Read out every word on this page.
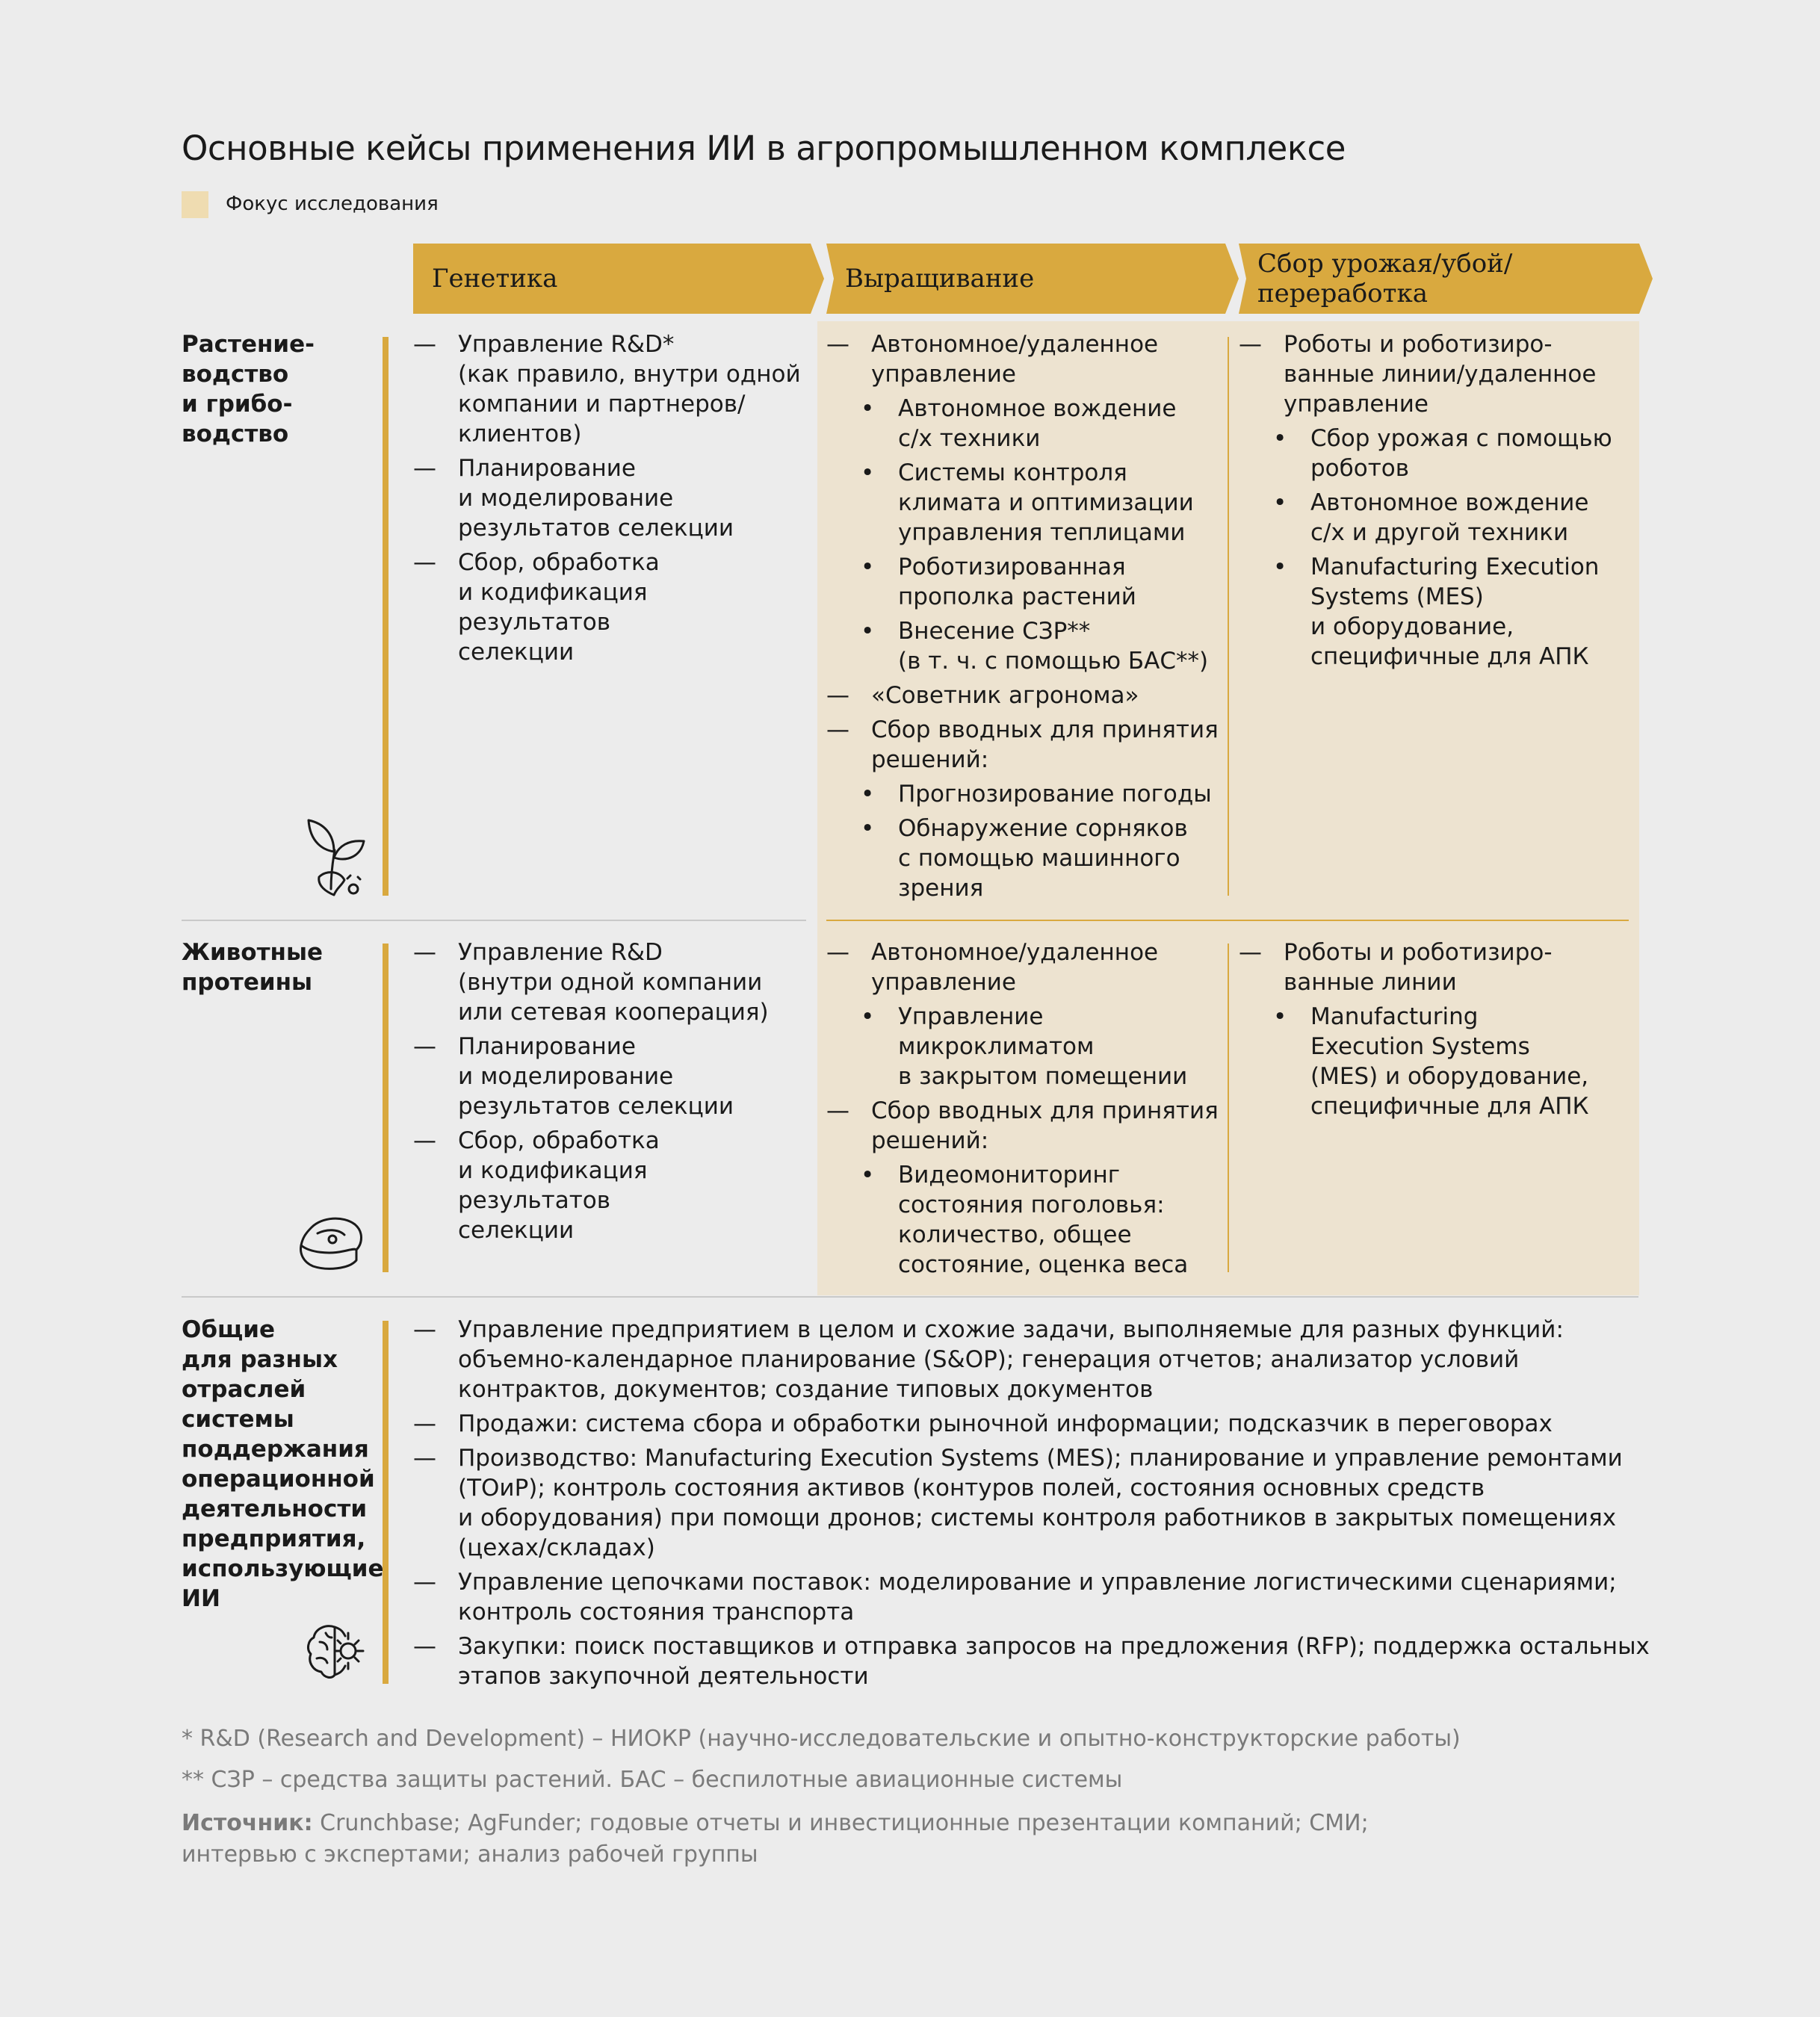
Основные кейсы применения ИИ в агропромышленном комплексе
Фокус исследования
Генетика	Выращивание	Сбор урожая/убой/
переработка
Растение-
водство
и грибо-
водство
Животные
протеины
Общие
для разных
отраслей
системы
поддержания
операционной
деятельности
предприятия,
использующие
ИИ
— Управление R&D*
(как правило, внутри одной
компании и партнеров/
клиентов)
— Планирование
и моделирование
результатов селекции
— Сбор, обработка
и кодификация результатов
селекции
— Автономное/удаленное
управление
• Автономное вождение
с/х техники
• Системы контроля
климата и оптимизации
управления теплицами
• Роботизированная
прополка растений
• Внесение СЗР**
(в т. ч. с помощью БАС**)
— «Советник агронома»
— Сбор вводных для принятия
решений:
• Прогнозирование погоды
• Обнаружение сорняков
с помощью машинного
зрения
— Роботы и роботизиро-
ванные линии/удаленное
управление
• Сбор урожая с помощью
роботов
• Автономное вождение
с/х и другой техники
• Manufacturing Execution
Systems (MES)
и оборудование,
специфичные для АПК
— Управление R&D
(внутри одной компании
или сетевая кооперация)
— Планирование
и моделирование
результатов селекции
— Сбор, обработка
и кодификация результатов
селекции
— Автономное/удаленное
управление
• Управление
микроклиматом
в закрытом помещении
— Сбор вводных для принятия
решений:
• Видеомониторинг
состояния поголовья:
количество, общее
состояние, оценка веса
— Роботы и роботизиро-
ванные линии
• Manufacturing
Execution Systems
(MES) и оборудование,
специфичные для АПК
— Управление предприятием в целом и схожие задачи, выполняемые для разных функций:
объемно-календарное планирование (S&OP); генерация отчетов; анализатор условий
контрактов, документов; создание типовых документов
— Продажи: система сбора и обработки рыночной информации; подсказчик в переговорах
— Производство: Manufacturing Execution Systems (MES); планирование и управление ремонтами
(ТОиР); контроль состояния активов (контуров полей, состояния основных средств
и оборудования) при помощи дронов; системы контроля работников в закрытых помещениях
(цехах/складах)
— Управление цепочками поставок: моделирование и управление логистическими сценариями;
контроль состояния транспорта
— Закупки: поиск поставщиков и отправка запросов на предложения (RFP); поддержка остальных
этапов закупочной деятельности
* R&D (Research and Development) – НИОКР (научно-исследовательские и опытно-конструкторские работы)
** СЗР – средства защиты растений. БАС – беспилотные авиационные системы
Источник: Crunchbase; AgFunder; годовые отчеты и инвестиционные презентации компаний; СМИ;
интервью с экспертами; анализ рабочей группы
